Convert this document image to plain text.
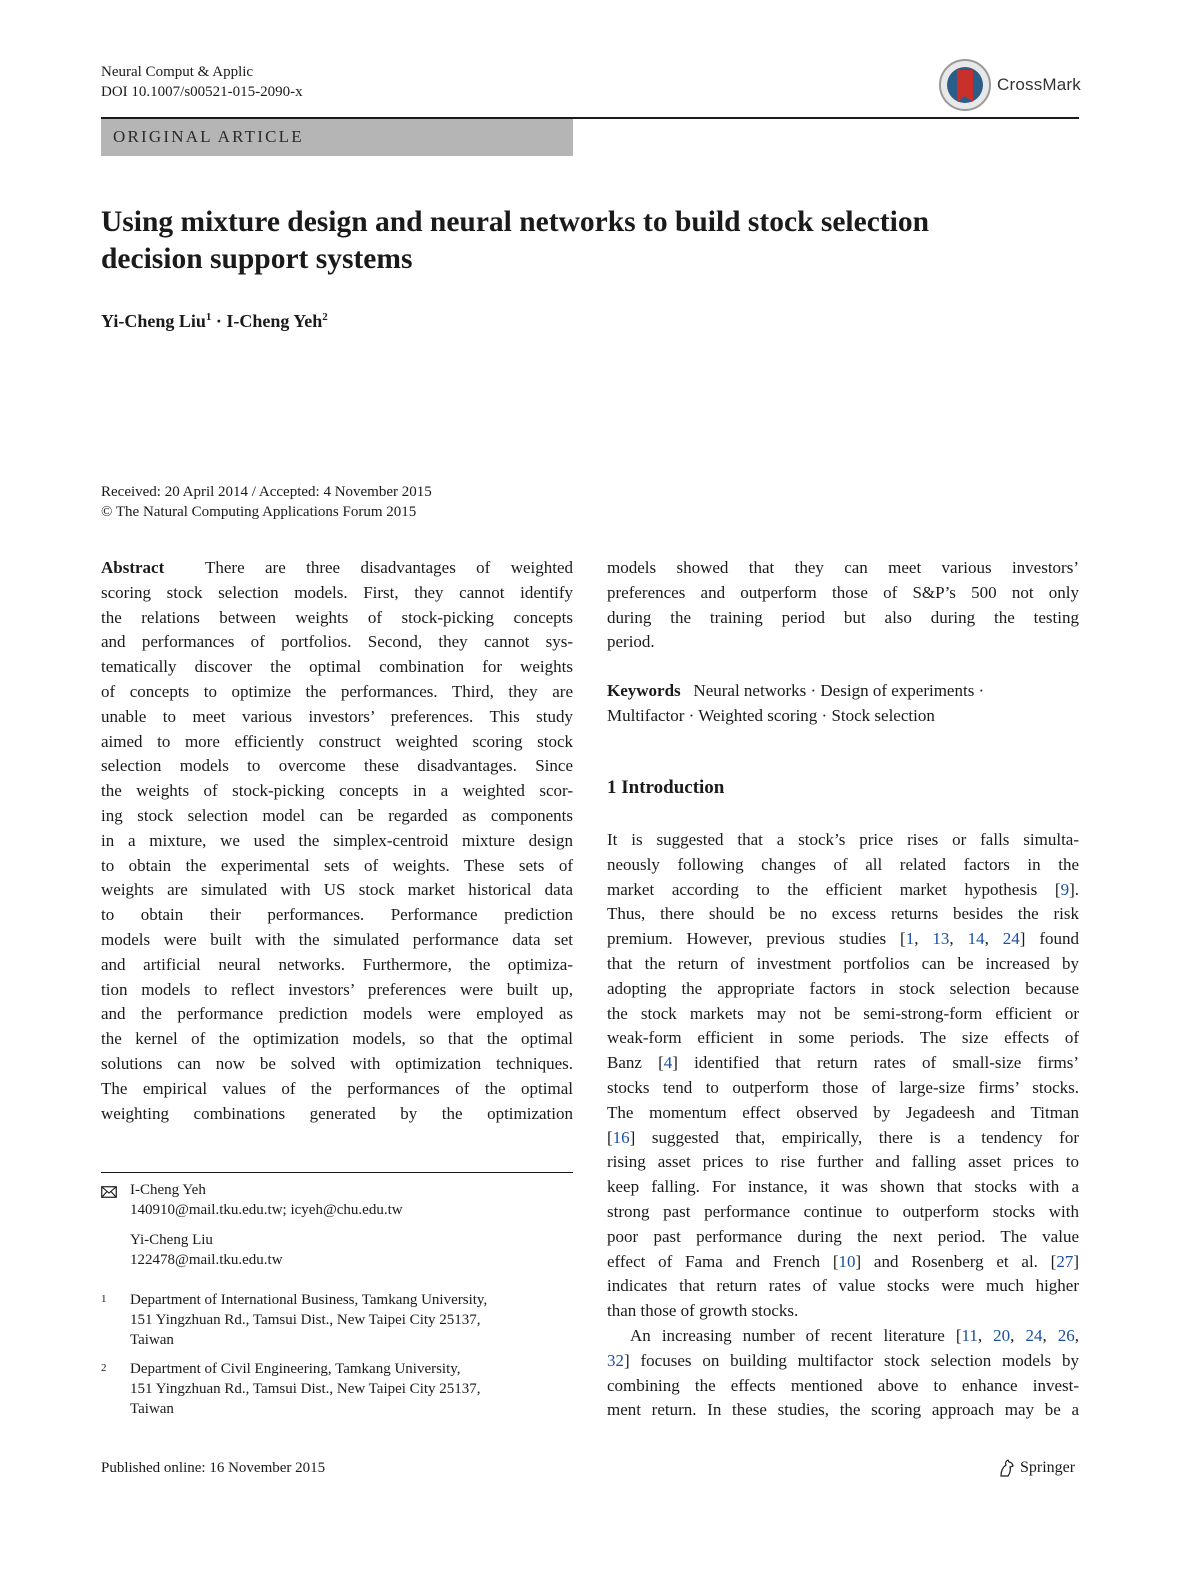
Neural Comput & Applic
DOI 10.1007/s00521-015-2090-x	CrossMark
ORIGINAL ARTICLE
Using mixture design and neural networks to build stock selection
decision support systems
Yi-Cheng Liu$^1$ · I-Cheng Yeh$^2$
Received: 20 April 2014 / Accepted: 4 November 2015
© The Natural Computing Applications Forum 2015
Abstract There are three disadvantages of weighted
scoring stock selection models. First, they cannot identify
the relations between weights of stock-picking concepts
and performances of portfolios. Second, they cannot sys-
tematically discover the optimal combination for weights
of concepts to optimize the performances. Third, they are
unable to meet various investors’ preferences. This study
aimed to more efficiently construct weighted scoring stock
selection models to overcome these disadvantages. Since
the weights of stock-picking concepts in a weighted scor-
ing stock selection model can be regarded as components
in a mixture, we used the simplex-centroid mixture design
to obtain the experimental sets of weights. These sets of
weights are simulated with US stock market historical data
to obtain their performances. Performance prediction
models were built with the simulated performance data set
and artificial neural networks. Furthermore, the optimiza-
tion models to reflect investors’ preferences were built up,
and the performance prediction models were employed as
the kernel of the optimization models, so that the optimal
solutions can now be solved with optimization techniques.
The empirical values of the performances of the optimal
weighting combinations generated by the optimization
models showed that they can meet various investors’
preferences and outperform those of S&P’s 500 not only
during the training period but also during the testing
period.
Keywords Neural networks · Design of experiments ·
Multifactor · Weighted scoring · Stock selection
1 Introduction
It is suggested that a stock’s price rises or falls simulta-
neously following changes of all related factors in the
market according to the efficient market hypothesis [9].
Thus, there should be no excess returns besides the risk
premium. However, previous studies [1, 13, 14, 24] found
that the return of investment portfolios can be increased by
adopting the appropriate factors in stock selection because
the stock markets may not be semi-strong-form efficient or
weak-form efficient in some periods. The size effects of
Banz [4] identified that return rates of small-size firms’
stocks tend to outperform those of large-size firms’ stocks.
The momentum effect observed by Jegadeesh and Titman
[16] suggested that, empirically, there is a tendency for
rising asset prices to rise further and falling asset prices to
keep falling. For instance, it was shown that stocks with a
strong past performance continue to outperform stocks with
poor past performance during the next period. The value
effect of Fama and French [10] and Rosenberg et al. [27]
indicates that return rates of value stocks were much higher
than those of growth stocks.
An increasing number of recent literature [11, 20, 24, 26,
32] focuses on building multifactor stock selection models by
combining the effects mentioned above to enhance invest-
ment return. In these studies, the scoring approach may be a
I-Cheng Yeh
140910@mail.tku.edu.tw; icyeh@chu.edu.tw
Yi-Cheng Liu
122478@mail.tku.edu.tw
1 Department of International Business, Tamkang University,
151 Yingzhuan Rd., Tamsui Dist., New Taipei City 25137,
Taiwan
2 Department of Civil Engineering, Tamkang University,
151 Yingzhuan Rd., Tamsui Dist., New Taipei City 25137,
Taiwan
Published online: 16 November 2015	Springer
